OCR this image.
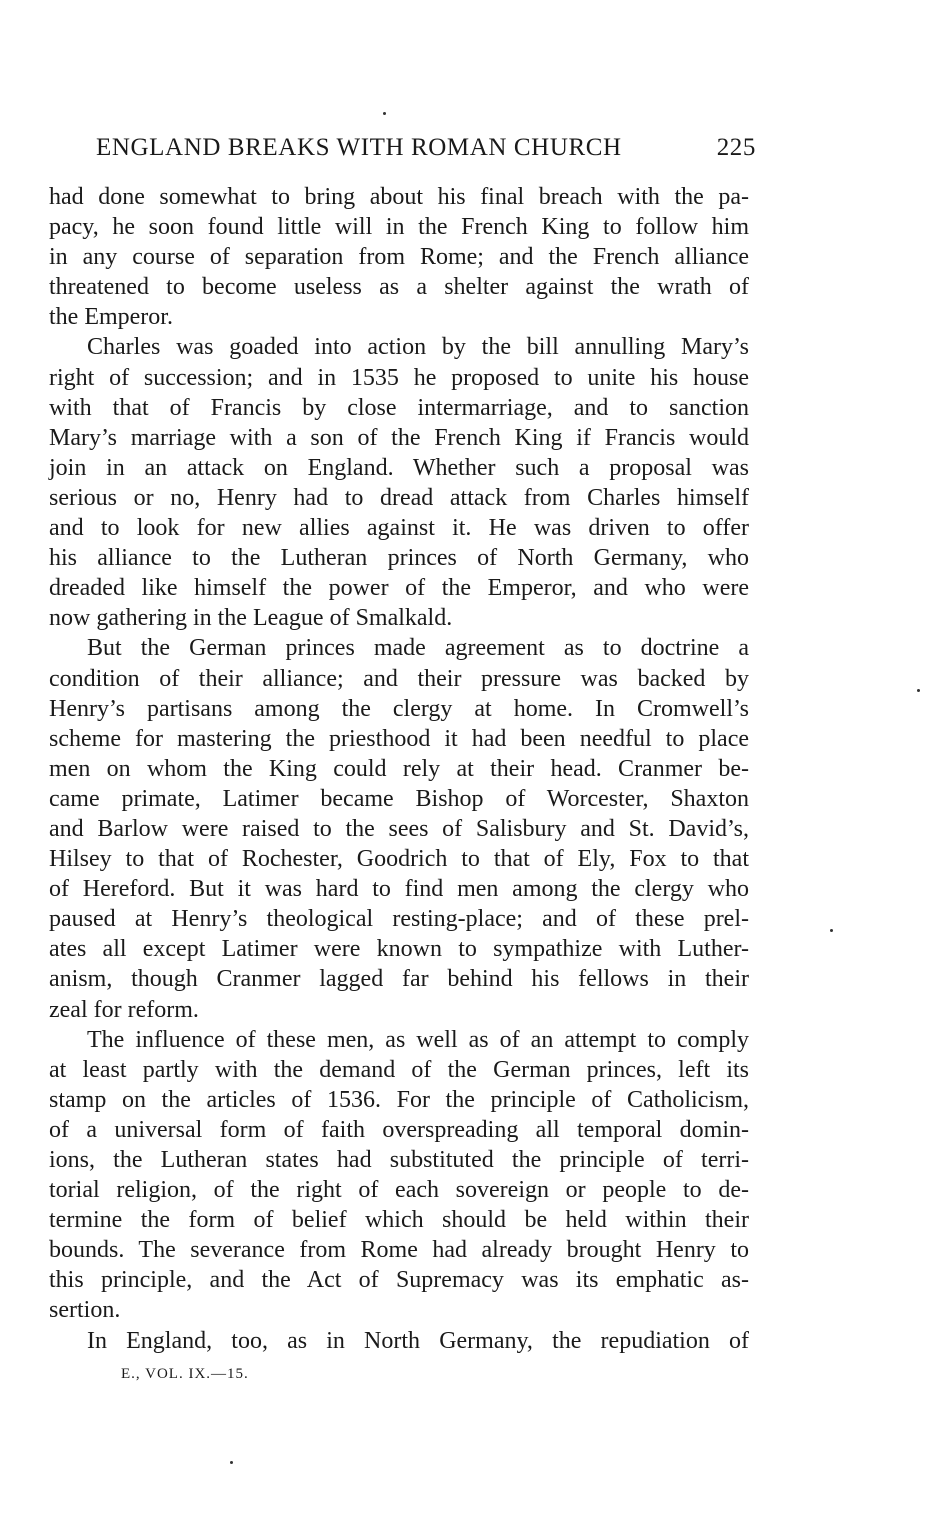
ENGLAND BREAKS WITH ROMAN CHURCH	225
had done somewhat to bring about his final breach with the pa-
pacy, he soon found little will in the French King to follow him
in any course of separation from Rome; and the French alliance
threatened to become useless as a shelter against the wrath of
the Emperor.
Charles was goaded into action by the bill annulling Mary’s
right of succession; and in 1535 he proposed to unite his house
with that of Francis by close intermarriage, and to sanction
Mary’s marriage with a son of the French King if Francis would
join in an attack on England. Whether such a proposal was
serious or no, Henry had to dread attack from Charles himself
and to look for new allies against it. He was driven to offer
his alliance to the Lutheran princes of North Germany, who
dreaded like himself the power of the Emperor, and who were
now gathering in the League of Smalkald.
But the German princes made agreement as to doctrine a
condition of their alliance; and their pressure was backed by
Henry’s partisans among the clergy at home. In Cromwell’s
scheme for mastering the priesthood it had been needful to place
men on whom the King could rely at their head. Cranmer be-
came primate, Latimer became Bishop of Worcester, Shaxton
and Barlow were raised to the sees of Salisbury and St. David’s,
Hilsey to that of Rochester, Goodrich to that of Ely, Fox to that
of Hereford. But it was hard to find men among the clergy who
paused at Henry’s theological resting-place; and of these prel-
ates all except Latimer were known to sympathize with Luther-
anism, though Cranmer lagged far behind his fellows in their
zeal for reform.
The influence of these men, as well as of an attempt to comply
at least partly with the demand of the German princes, left its
stamp on the articles of 1536. For the principle of Catholicism,
of a universal form of faith overspreading all temporal domin-
ions, the Lutheran states had substituted the principle of terri-
torial religion, of the right of each sovereign or people to de-
termine the form of belief which should be held within their
bounds. The severance from Rome had already brought Henry to
this principle, and the Act of Supremacy was its emphatic as-
sertion.
In England, too, as in North Germany, the repudiation of
E., VOL. IX.—15.
